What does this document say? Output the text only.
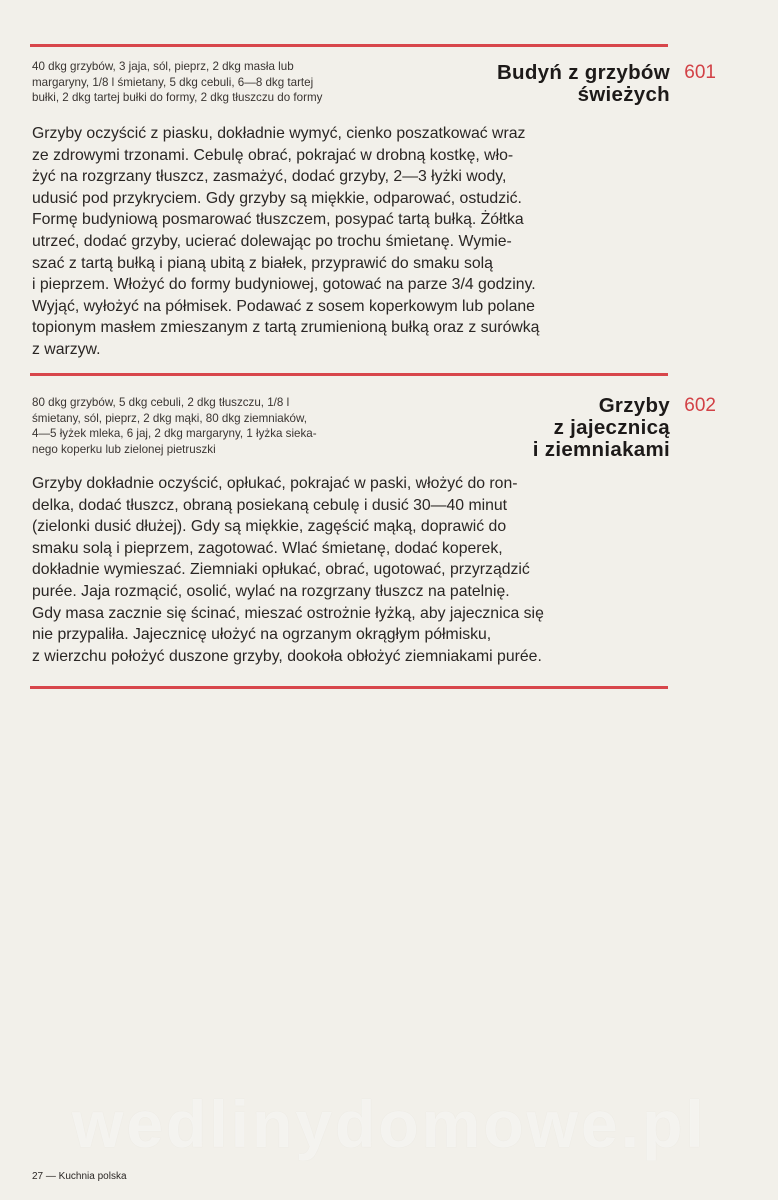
40 dkg grzybów, 3 jaja, sól, pieprz, 2 dkg masła lub
margaryny, 1/8 l śmietany, 5 dkg cebuli, 6—8 dkg tartej
bułki, 2 dkg tartej bułki do formy, 2 dkg tłuszczu do formy
Budyń z grzybów
świeżych
601
Grzyby oczyścić z piasku, dokładnie wymyć, cienko poszatkować wraz
ze zdrowymi trzonami. Cebulę obrać, pokrajać w drobną kostkę, wło-
żyć na rozgrzany tłuszcz, zasmażyć, dodać grzyby, 2—3 łyżki wody,
udusić pod przykryciem. Gdy grzyby są miękkie, odparować, ostudzić.
Formę budyniową posmarować tłuszczem, posypać tartą bułką. Żółtka
utrzeć, dodać grzyby, ucierać dolewając po trochu śmietanę. Wymie-
szać z tartą bułką i pianą ubitą z białek, przyprawić do smaku solą
i pieprzem. Włożyć do formy budyniowej, gotować na parze 3/4 godziny.
Wyjąć, wyłożyć na półmisek. Podawać z sosem koperkowym lub polane
topionym masłem zmieszanym z tartą zrumienioną bułką oraz z surówką
z warzyw.
80 dkg grzybów, 5 dkg cebuli, 2 dkg tłuszczu, 1/8 l
śmietany, sól, pieprz, 2 dkg mąki, 80 dkg ziemniaków,
4—5 łyżek mleka, 6 jaj, 2 dkg margaryny, 1 łyżka sieka-
nego koperku lub zielonej pietruszki
Grzyby
z jajecznicą
i ziemniakami
602
Grzyby dokładnie oczyścić, opłukać, pokrajać w paski, włożyć do ron-
delka, dodać tłuszcz, obraną posiekaną cebulę i dusić 30—40 minut
(zielonki dusić dłużej). Gdy są miękkie, zagęścić mąką, doprawić do
smaku solą i pieprzem, zagotować. Wlać śmietanę, dodać koperek,
dokładnie wymieszać. Ziemniaki opłukać, obrać, ugotować, przyrządzić
purée. Jaja rozmącić, osolić, wylać na rozgrzany tłuszcz na patelnię.
Gdy masa zacznie się ścinać, mieszać ostrożnie łyżką, aby jajecznica się
nie przypaliła. Jajecznicę ułożyć na ogrzanym okrągłym półmisku,
z wierzchu położyć duszone grzyby, dookoła obłożyć ziemniakami purée.
wedlinydomowe.pl
27 — Kuchnia polska
